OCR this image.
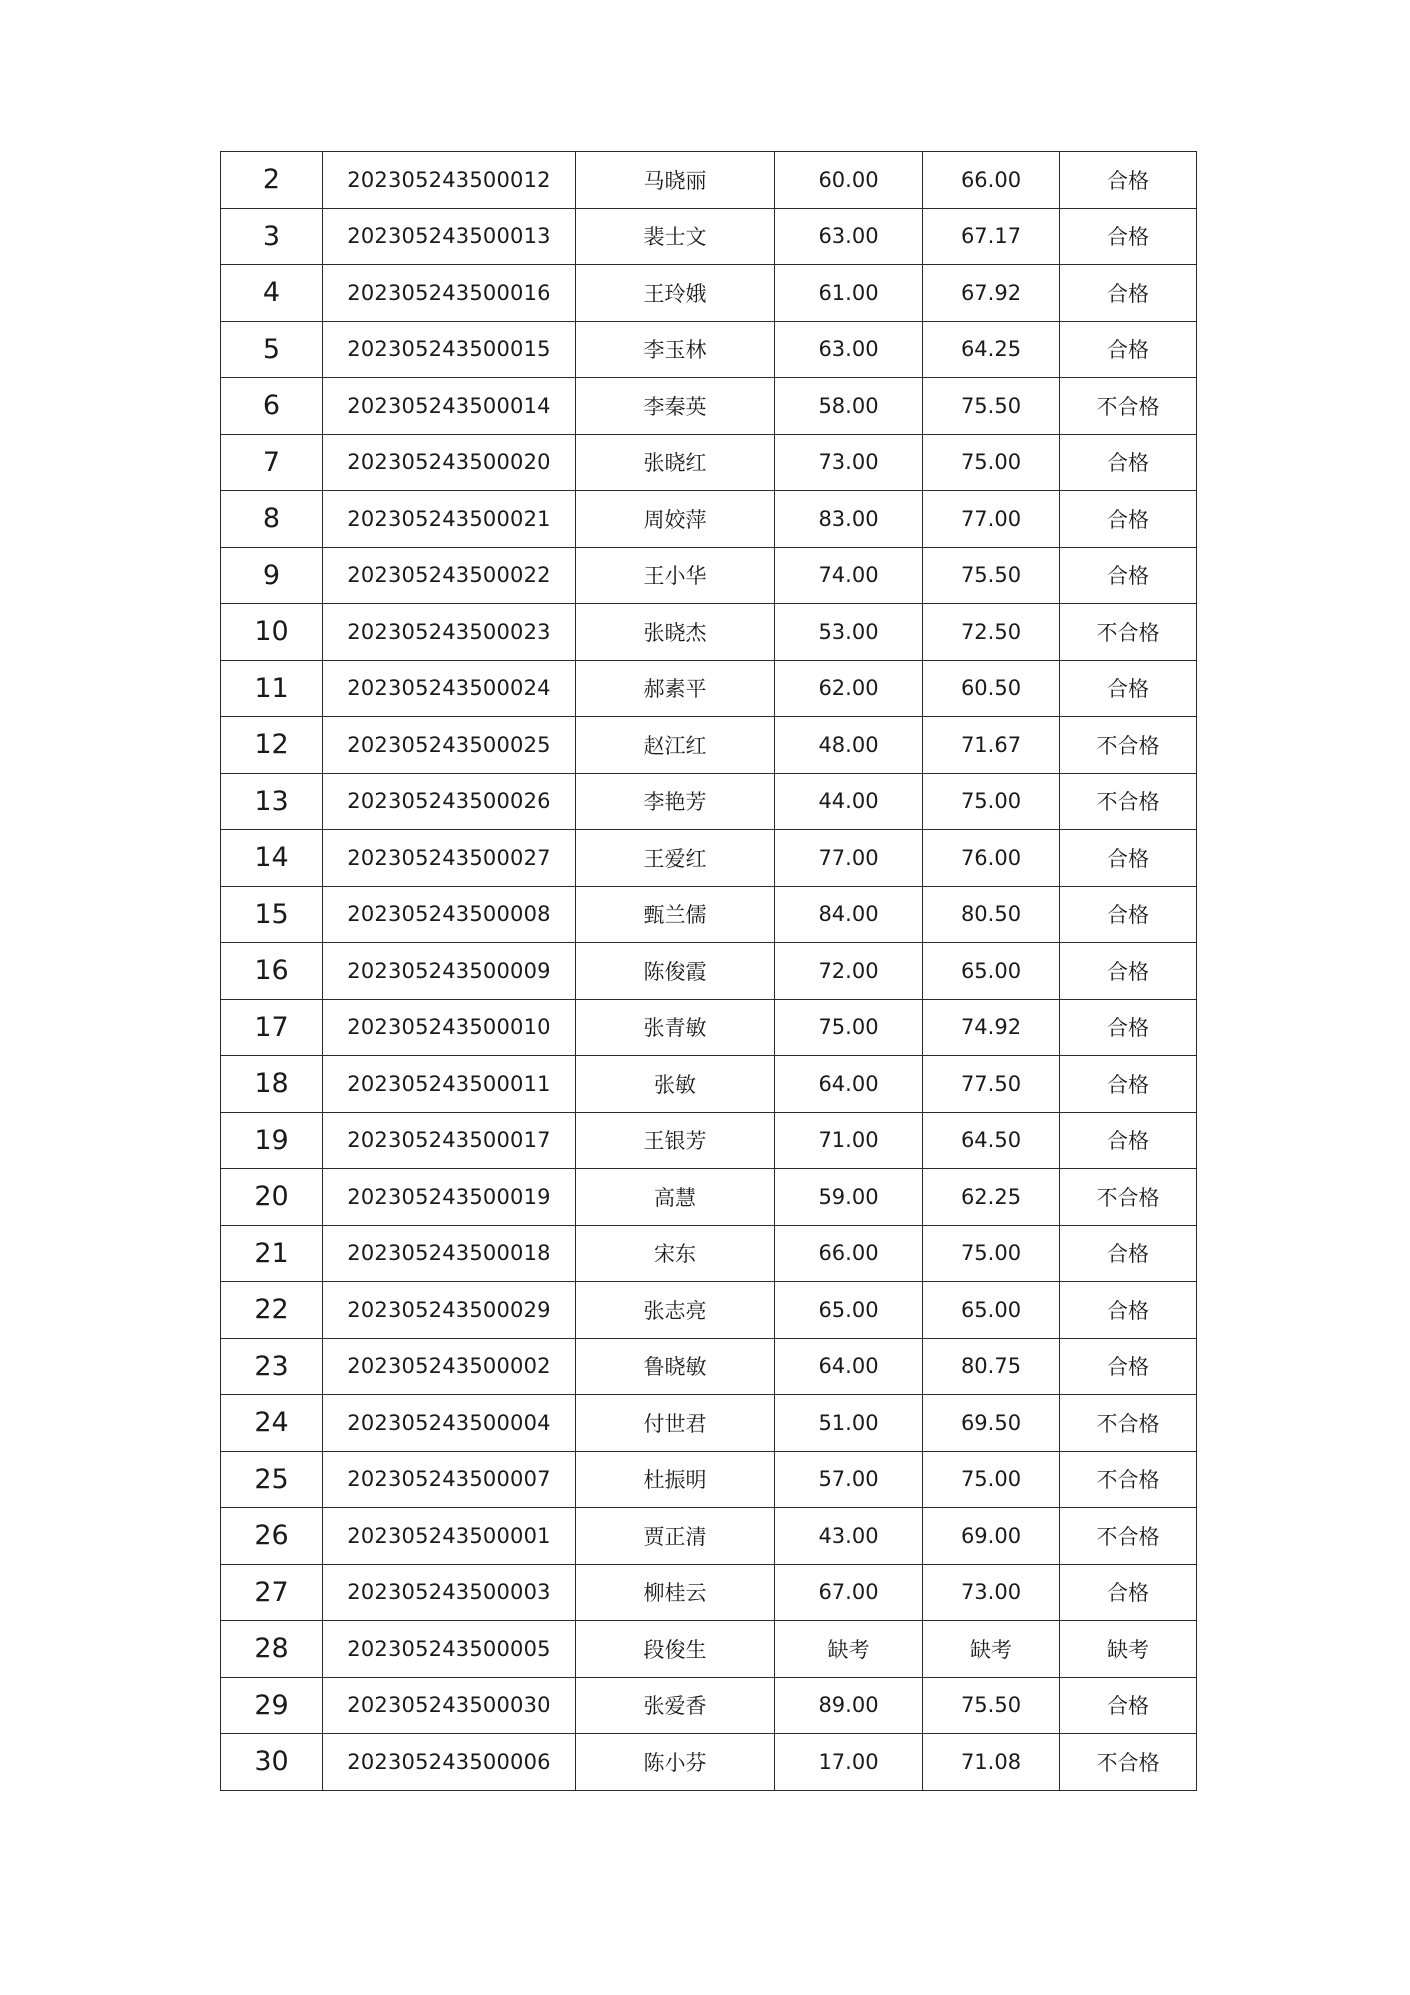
2	202305243500012	马晓丽	60.00	66.00	合格
3	202305243500013	裴士文	63.00	67.17	合格
4	202305243500016	王玲娥	61.00	67.92	合格
5	202305243500015	李玉林	63.00	64.25	合格
6	202305243500014	李秦英	58.00	75.50	不合格
7	202305243500020	张晓红	73.00	75.00	合格
8	202305243500021	周姣萍	83.00	77.00	合格
9	202305243500022	王小华	74.00	75.50	合格
10	202305243500023	张晓杰	53.00	72.50	不合格
11	202305243500024	郝素平	62.00	60.50	合格
12	202305243500025	赵江红	48.00	71.67	不合格
13	202305243500026	李艳芳	44.00	75.00	不合格
14	202305243500027	王爱红	77.00	76.00	合格
15	202305243500008	甄兰儒	84.00	80.50	合格
16	202305243500009	陈俊霞	72.00	65.00	合格
17	202305243500010	张青敏	75.00	74.92	合格
18	202305243500011	张敏	64.00	77.50	合格
19	202305243500017	王银芳	71.00	64.50	合格
20	202305243500019	高慧	59.00	62.25	不合格
21	202305243500018	宋东	66.00	75.00	合格
22	202305243500029	张志亮	65.00	65.00	合格
23	202305243500002	鲁晓敏	64.00	80.75	合格
24	202305243500004	付世君	51.00	69.50	不合格
25	202305243500007	杜振明	57.00	75.00	不合格
26	202305243500001	贾正清	43.00	69.00	不合格
27	202305243500003	柳桂云	67.00	73.00	合格
28	202305243500005	段俊生	缺考	缺考	缺考
29	202305243500030	张爱香	89.00	75.50	合格
30	202305243500006	陈小芬	17.00	71.08	不合格
